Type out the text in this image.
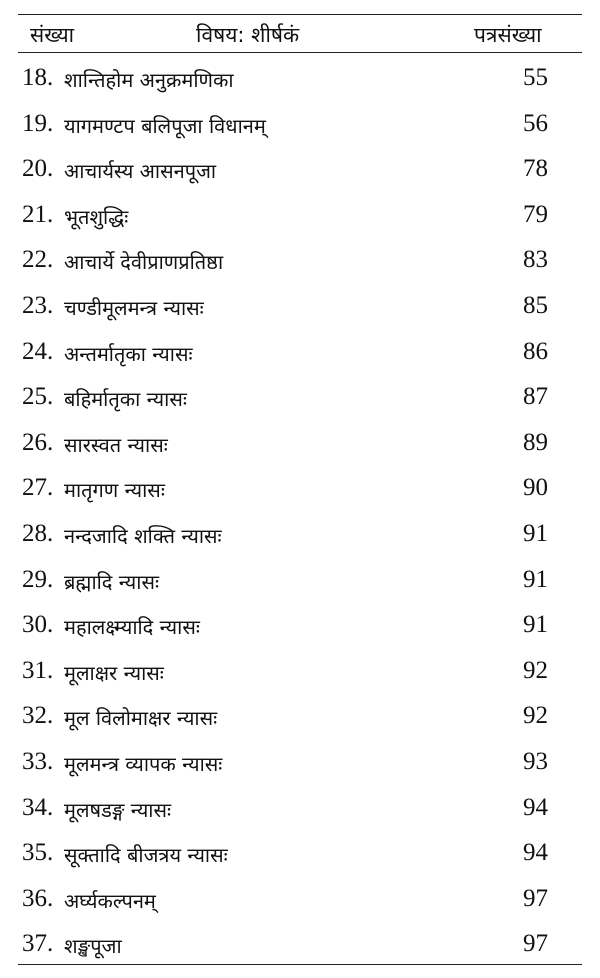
संख्या	विषय: शीर्षकं	पत्रसंख्या
18. शान्तिहोम अनुक्रमणिका	55
19. यागमण्टप बलिपूजा विधानम्	56
20. आचार्यस्य आसनपूजा	78
21. भूतशुद्धिः	79
22. आचार्ये देवीप्राणप्रतिष्ठा	83
23. चण्डीमूलमन्त्र न्यासः	85
24. अन्तर्मातृका न्यासः	86
25. बहिर्मातृका न्यासः	87
26. सारस्वत न्यासः	89
27. मातृगण न्यासः	90
28. नन्दजादि शक्ति न्यासः	91
29. ब्रह्मादि न्यासः	91
30. महालक्ष्म्यादि न्यासः	91
31. मूलाक्षर न्यासः	92
32. मूल विलोमाक्षर न्यासः	92
33. मूलमन्त्र व्यापक न्यासः	93
34. मूलषडङ्ग न्यासः	94
35. सूक्तादि बीजत्रय न्यासः	94
36. अर्घ्यकल्पनम्	97
37. शङ्खपूजा	97
